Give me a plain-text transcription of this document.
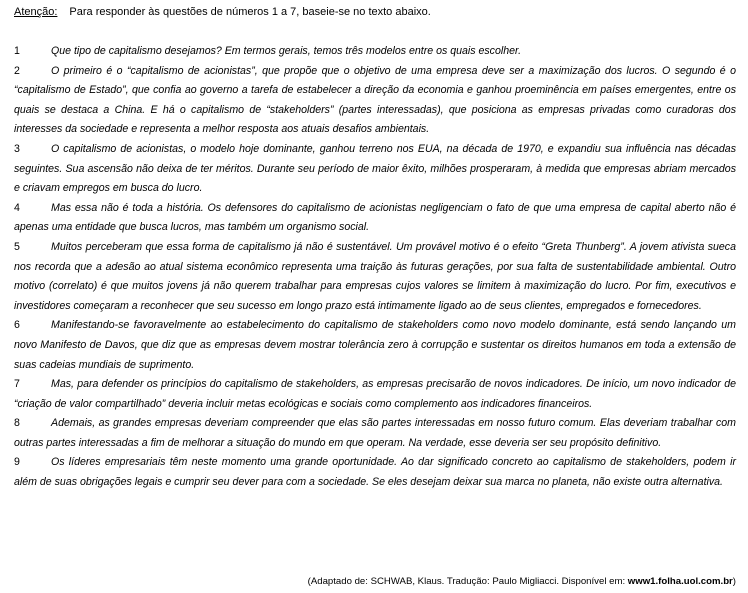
Atenção: Para responder às questões de números 1 a 7, baseie-se no texto abaixo.

1	Que tipo de capitalismo desejamos? Em termos gerais, temos três modelos entre os quais escolher.

2	O primeiro é o “capitalismo de acionistas”, que propõe que o objetivo de uma empresa deve ser a maximização dos lucros. O segundo é o “capitalismo de Estado”, que confia ao governo a tarefa de estabelecer a direção da economia e ganhou proeminência em países emergentes, entre os quais se destaca a China. E há o capitalismo de “stakeholders” (partes interessadas), que posiciona as empresas privadas como curadoras dos interesses da sociedade e representa a melhor resposta aos atuais desafios ambientais.

3	O capitalismo de acionistas, o modelo hoje dominante, ganhou terreno nos EUA, na década de 1970, e expandiu sua influência nas décadas seguintes. Sua ascensão não deixa de ter méritos. Durante seu período de maior êxito, milhões prosperaram, à medida que empresas abriam mercados e criavam empregos em busca do lucro.

4	Mas essa não é toda a história. Os defensores do capitalismo de acionistas negligenciam o fato de que uma empresa de capital aberto não é apenas uma entidade que busca lucros, mas também um organismo social.

5	Muitos perceberam que essa forma de capitalismo já não é sustentável. Um provável motivo é o efeito “Greta Thunberg”. A jovem ativista sueca nos recorda que a adesão ao atual sistema econômico representa uma traição às futuras gerações, por sua falta de sustentabilidade ambiental. Outro motivo (correlato) é que muitos jovens já não querem trabalhar para empresas cujos valores se limitem à maximização do lucro. Por fim, executivos e investidores começaram a reconhecer que seu sucesso em longo prazo está intimamente ligado ao de seus clientes, empregados e fornecedores.

6	Manifestando-se favoravelmente ao estabelecimento do capitalismo de stakeholders como novo modelo dominante, está sendo lançando um novo Manifesto de Davos, que diz que as empresas devem mostrar tolerância zero à corrupção e sustentar os direitos humanos em toda a extensão de suas cadeias mundiais de suprimento.

7	Mas, para defender os princípios do capitalismo de stakeholders, as empresas precisarão de novos indicadores. De início, um novo indicador de “criação de valor compartilhado” deveria incluir metas ecológicas e sociais como complemento aos indicadores financeiros.

8	Ademais, as grandes empresas deveriam compreender que elas são partes interessadas em nosso futuro comum. Elas deveriam trabalhar com outras partes interessadas a fim de melhorar a situação do mundo em que operam. Na verdade, esse deveria ser seu propósito definitivo.

9	Os líderes empresariais têm neste momento uma grande oportunidade. Ao dar significado concreto ao capitalismo de stakeholders, podem ir além de suas obrigações legais e cumprir seu dever para com a sociedade. Se eles desejam deixar sua marca no planeta, não existe outra alternativa.

(Adaptado de: SCHWAB, Klaus. Tradução: Paulo Migliacci. Disponível em: www1.folha.uol.com.br)
